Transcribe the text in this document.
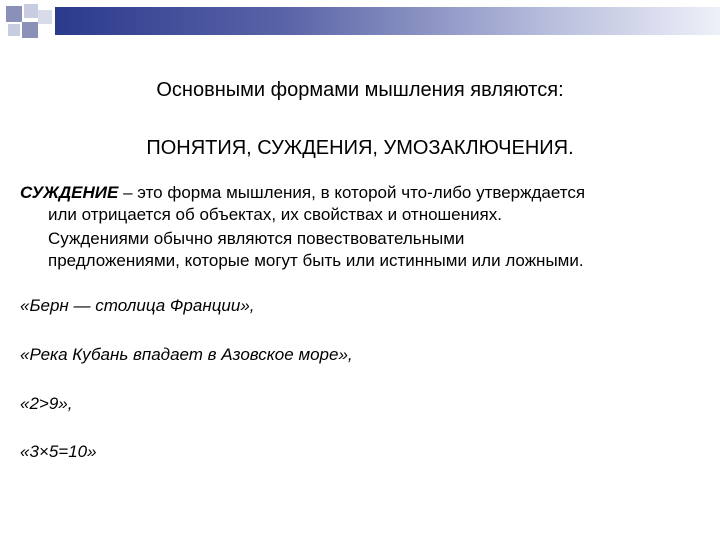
Основными формами мышления являются:
ПОНЯТИЯ, СУЖДЕНИЯ, УМОЗАКЛЮЧЕНИЯ.
СУЖДЕНИЕ – это форма мышления, в которой что-либо утверждается
или отрицается об объектах, их свойствах и отношениях.
Суждениями обычно являются повествовательными
предложениями, которые могут быть или истинными или ложными.
«Берн — столица Франции»,
«Река Кубань впадает в Азовское море»,
«2>9»,
«3×5=10»
